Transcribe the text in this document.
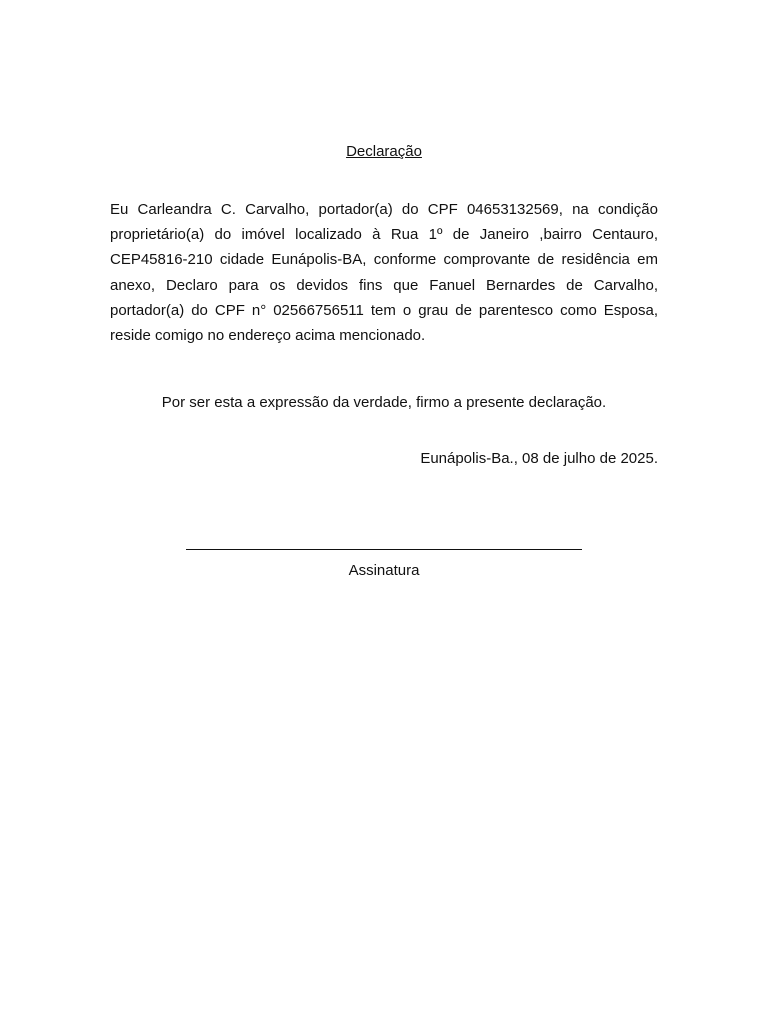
Declaração
Eu Carleandra C. Carvalho, portador(a) do CPF 04653132569, na condição proprietário(a) do imóvel localizado à Rua 1º de Janeiro ,bairro Centauro, CEP45816-210 cidade Eunápolis-BA, conforme comprovante de residência em anexo, Declaro para os devidos fins que Fanuel Bernardes de Carvalho, portador(a) do CPF n° 02566756511 tem o grau de parentesco como Esposa, reside comigo no endereço acima mencionado.
Por ser esta a expressão da verdade, firmo a presente declaração.
Eunápolis-Ba., 08 de julho de 2025.
Assinatura
